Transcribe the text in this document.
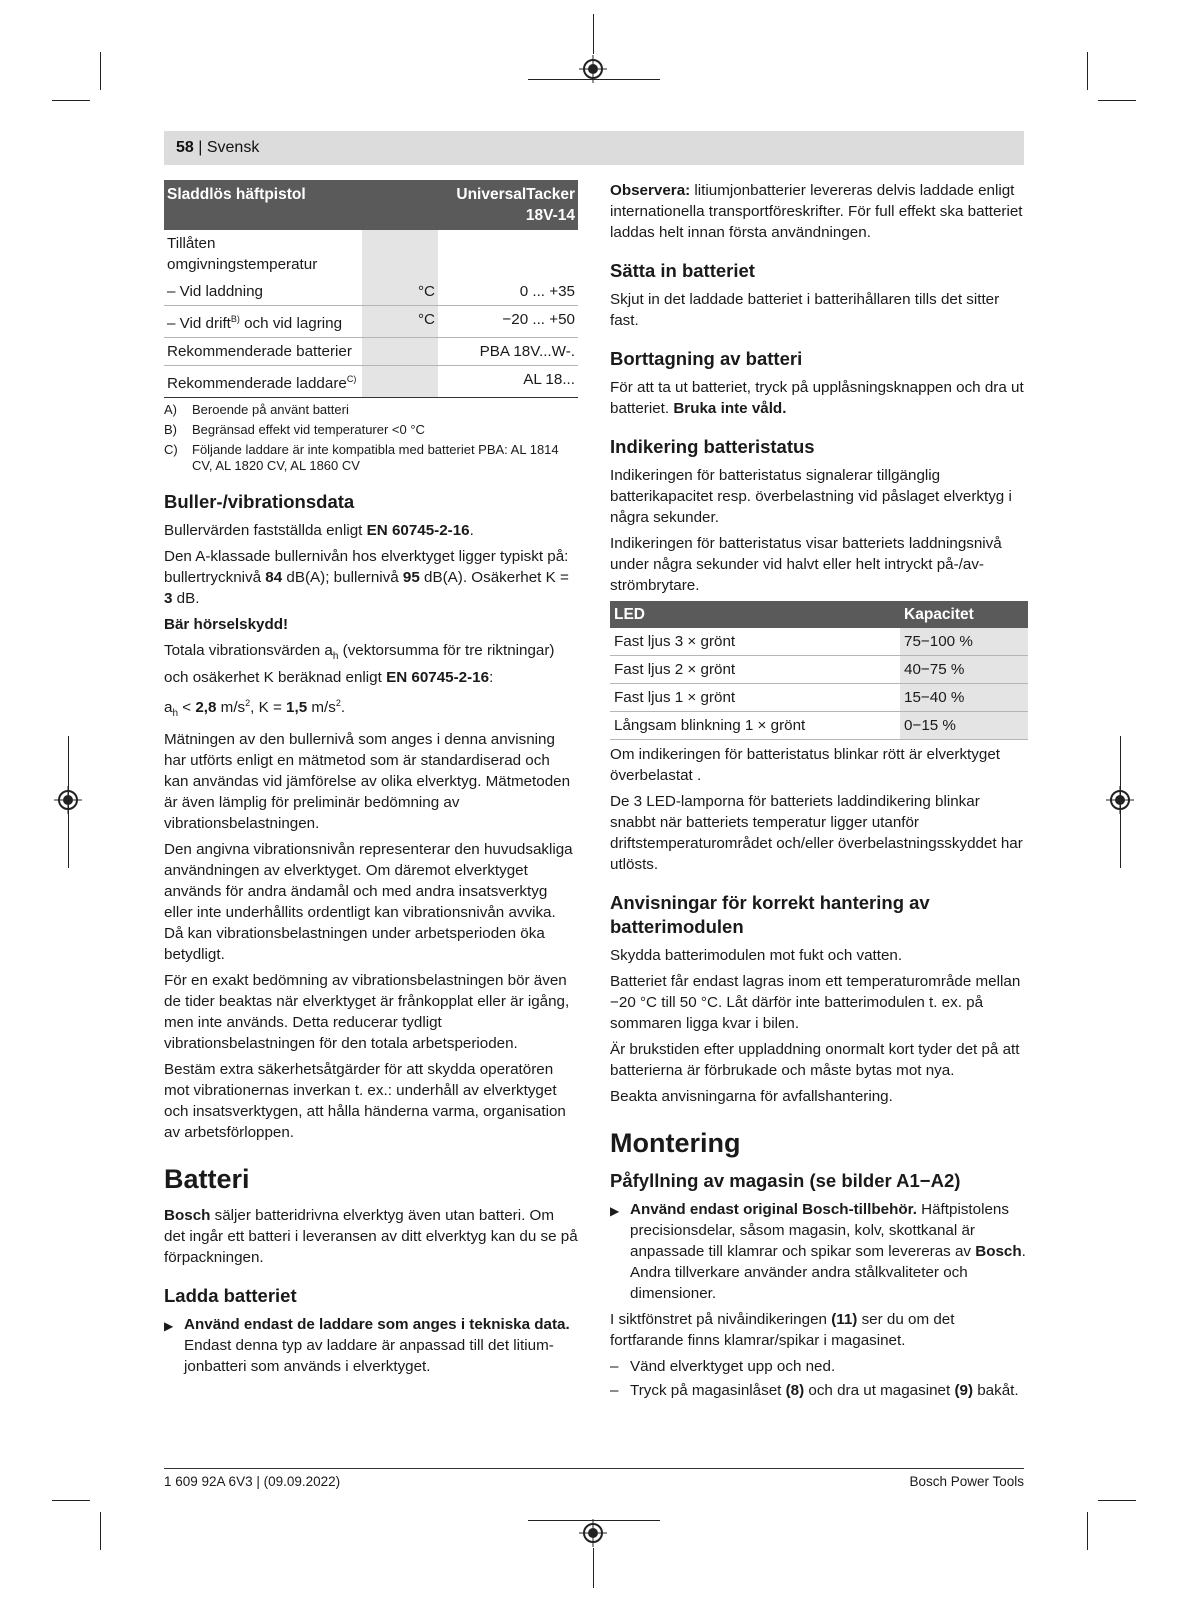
58 | Svensk
Sladdlös häftpistol		UniversalTacker 18V-14
Tillåten omgivningstemperatur		
– Vid laddning	°C	0 ... +35
– Vid drift$^{B)}$ och vid lagring	°C	−20 ... +50
Rekommenderade batterier		PBA 18V...W-.
Rekommenderade laddare$^{C)}$		AL 18...
A)	Beroende på använt batteri
B)	Begränsad effekt vid temperaturer <0 °C
C)	Följande laddare är inte kompatibla med batteriet PBA: AL 1814 CV, AL 1820 CV, AL 1860 CV
Buller-/vibrationsdata

Bullervärden fastställda enligt EN 60745-2-16.

Den A-klassade bullernivån hos elverktyget ligger typiskt på: bullertrycknivå 84 dB(A); bullernivå 95 dB(A). Osäkerhet K = 3 dB.

Bär hörselskydd!

Totala vibrationsvärden $a_h$ (vektorsumma för tre riktningar) och osäkerhet K beräknad enligt EN 60745-2-16:

$a_h < 2,8$ $m/s^2$, K = 1,5 $m/s^2$.

Mätningen av den bullernivå som anges i denna anvisning har utförts enligt en mätmetod som är standardiserad och kan användas vid jämförelse av olika elverktyg. Mätmetoden är även lämplig för preliminär bedömning av vibrationsbelastningen.

Den angivna vibrationsnivån representerar den huvudsakliga användningen av elverktyget. Om däremot elverktyget används för andra ändamål och med andra insatsverktyg eller inte underhållits ordentligt kan vibrationsnivån avvika. Då kan vibrationsbelastningen under arbetsperioden öka betydligt.

För en exakt bedömning av vibrationsbelastningen bör även de tider beaktas när elverktyget är frånkopplat eller är igång, men inte används. Detta reducerar tydligt vibrationsbelastningen för den totala arbetsperioden.

Bestäm extra säkerhetsåtgärder för att skydda operatören mot vibrationernas inverkan t. ex.: underhåll av elverktyget och insatsverktygen, att hålla händerna varma, organisation av arbetsförloppen.

Batteri

Bosch säljer batteridrivna elverktyg även utan batteri. Om det ingår ett batteri i leveransen av ditt elverktyg kan du se på förpackningen.

Ladda batteriet
▶ Använd endast de laddare som anges i tekniska data. Endast denna typ av laddare är anpassad till det litium-jonbatteri som används i elverktyget.

Observera: litiumjonbatterier levereras delvis laddade enligt internationella transportföreskrifter. För full effekt ska batteriet laddas helt innan första användningen.

Sätta in batteriet

Skjut in det laddade batteriet i batterihållaren tills det sitter fast.

Borttagning av batteri

För att ta ut batteriet, tryck på upplåsningsknappen och dra ut batteriet. Bruka inte våld.

Indikering batteristatus

Indikeringen för batteristatus signalerar tillgänglig batterikapacitet resp. överbelastning vid påslaget elverktyg i några sekunder.

Indikeringen för batteristatus visar batteriets laddningsnivå under några sekunder vid halvt eller helt intryckt på-/av-strömbrytare.

LED	Kapacitet
Fast ljus 3 × grönt	75−100 %
Fast ljus 2 × grönt	40−75 %
Fast ljus 1 × grönt	15−40 %
Långsam blinkning 1 × grönt	0−15 %

Om indikeringen för batteristatus blinkar rött är elverktyget överbelastat .

De 3 LED-lamporna för batteriets laddindikering blinkar snabbt när batteriets temperatur ligger utanför driftstemperaturområdet och/eller överbelastningsskyddet har utlösts.

Anvisningar för korrekt hantering av batterimodulen

Skydda batterimodulen mot fukt och vatten.

Batteriet får endast lagras inom ett temperaturområde mellan −20 °C till 50 °C. Låt därför inte batterimodulen t. ex. på sommaren ligga kvar i bilen.

Är brukstiden efter uppladdning onormalt kort tyder det på att batterierna är förbrukade och måste bytas mot nya.

Beakta anvisningarna för avfallshantering.

Montering
Påfyllning av magasin (se bilder A1−A2)
▶ Använd endast original Bosch-tillbehör. Häftpistolens precisionsdelar, såsom magasin, kolv, skottkanal är anpassade till klamrar och spikar som levereras av Bosch. Andra tillverkare använder andra stålkvaliteter och dimensioner.

I siktfönstret på nivåindikeringen (11) ser du om det fortfarande finns klamrar/spikar i magasinet.

– Vänd elverktyget upp och ned.
– Tryck på magasinlåset (8) och dra ut magasinet (9) bakåt.
1 609 92A 6V3 | (09.09.2022)	Bosch Power Tools
